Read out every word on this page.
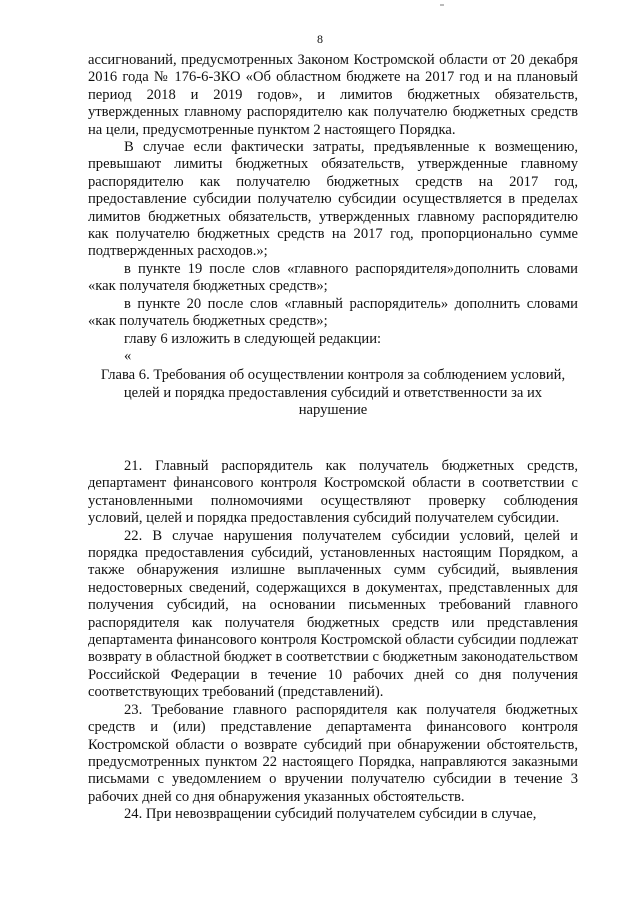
8

ассигнований, предусмотренных Законом Костромской области от 20 декабря 2016 года № 176-6-ЗКО «Об областном бюджете на 2017 год и на плановый период 2018 и 2019 годов», и лимитов бюджетных обязательств, утвержденных главному распорядителю как получателю бюджетных средств на цели, предусмотренные пунктом 2 настоящего Порядка.

В случае если фактически затраты, предъявленные к возмещению, превышают лимиты бюджетных обязательств, утвержденные главному распорядителю как получателю бюджетных средств на 2017 год, предоставление субсидии получателю субсидии осуществляется в пределах лимитов бюджетных обязательств, утвержденных главному распорядителю как получателю бюджетных средств на 2017 год, пропорционально сумме подтвержденных расходов.»;

в пункте 19 после слов «главного распорядителя»дополнить словами «как получателя бюджетных средств»;

в пункте 20 после слов «главный распорядитель» дополнить словами «как получатель бюджетных средств»;

главу 6 изложить в следующей редакции:

«

Глава 6. Требования об осуществлении контроля за соблюдением условий, целей и порядка предоставления субсидий и ответственности за их нарушение

21. Главный распорядитель как получатель бюджетных средств, департамент финансового контроля Костромской области в соответствии с установленными полномочиями осуществляют проверку соблюдения условий, целей и порядка предоставления субсидий получателем субсидии.

22. В случае нарушения получателем субсидии условий, целей и порядка предоставления субсидий, установленных настоящим Порядком, а также обнаружения излишне выплаченных сумм субсидий, выявления недостоверных сведений, содержащихся в документах, представленных для получения субсидий, на основании письменных требований главного распорядителя как получателя бюджетных средств или представления департамента финансового контроля Костромской области субсидии подлежат возврату в областной бюджет в соответствии с бюджетным законодательством Российской Федерации в течение 10 рабочих дней со дня получения соответствующих требований (представлений).

23. Требование главного распорядителя как получателя бюджетных средств и (или) представление департамента финансового контроля Костромской области о возврате субсидий при обнаружении обстоятельств, предусмотренных пунктом 22 настоящего Порядка, направляются заказными письмами с уведомлением о вручении получателю субсидии в течение 3 рабочих дней со дня обнаружения указанных обстоятельств.

24. При невозвращении субсидий получателем субсидии в случае,
